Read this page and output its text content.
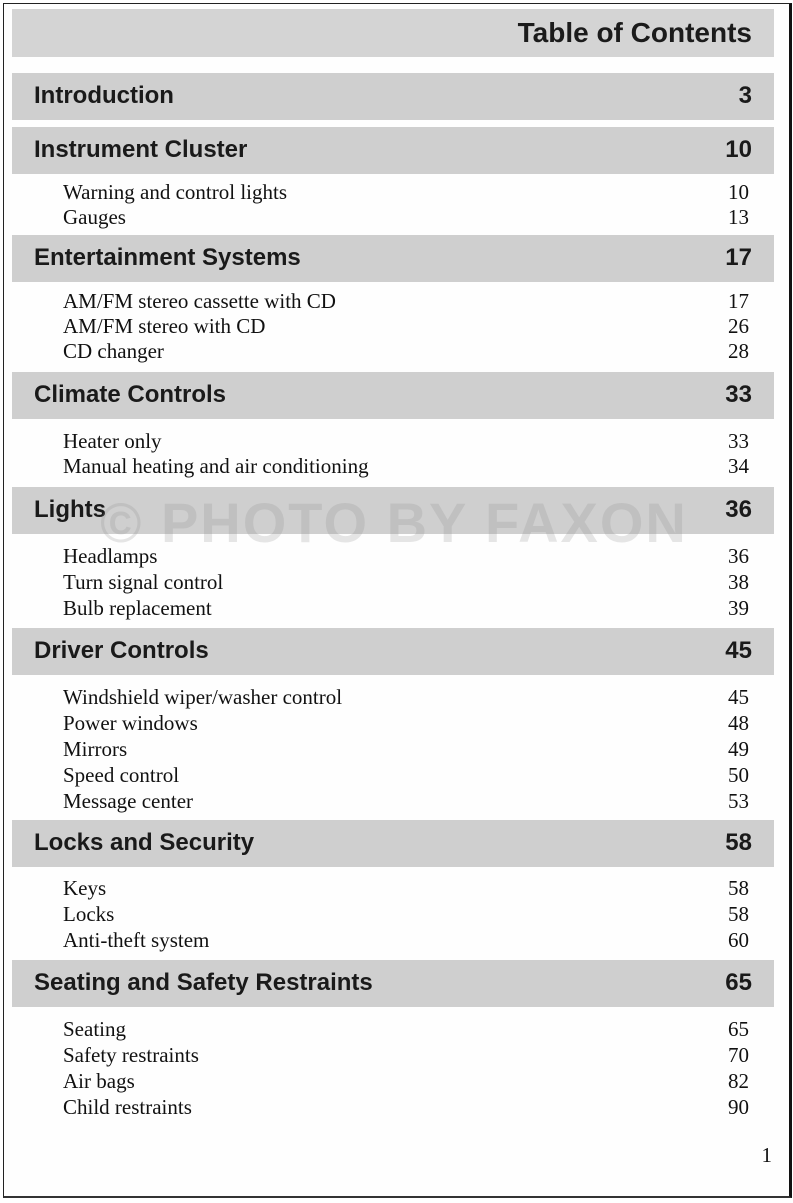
Table of Contents
Introduction	3
Instrument Cluster	10
Warning and control lights	10
Gauges	13
Entertainment Systems	17
AM/FM stereo cassette with CD	17
AM/FM stereo with CD	26
CD changer	28
Climate Controls	33
Heater only	33
Manual heating and air conditioning	34
Lights	36
Headlamps	36
Turn signal control	38
Bulb replacement	39
Driver Controls	45
Windshield wiper/washer control	45
Power windows	48
Mirrors	49
Speed control	50
Message center	53
Locks and Security	58
Keys	58
Locks	58
Anti-theft system	60
Seating and Safety Restraints	65
Seating	65
Safety restraints	70
Air bags	82
Child restraints	90
© PHOTO BY FAXON
1
